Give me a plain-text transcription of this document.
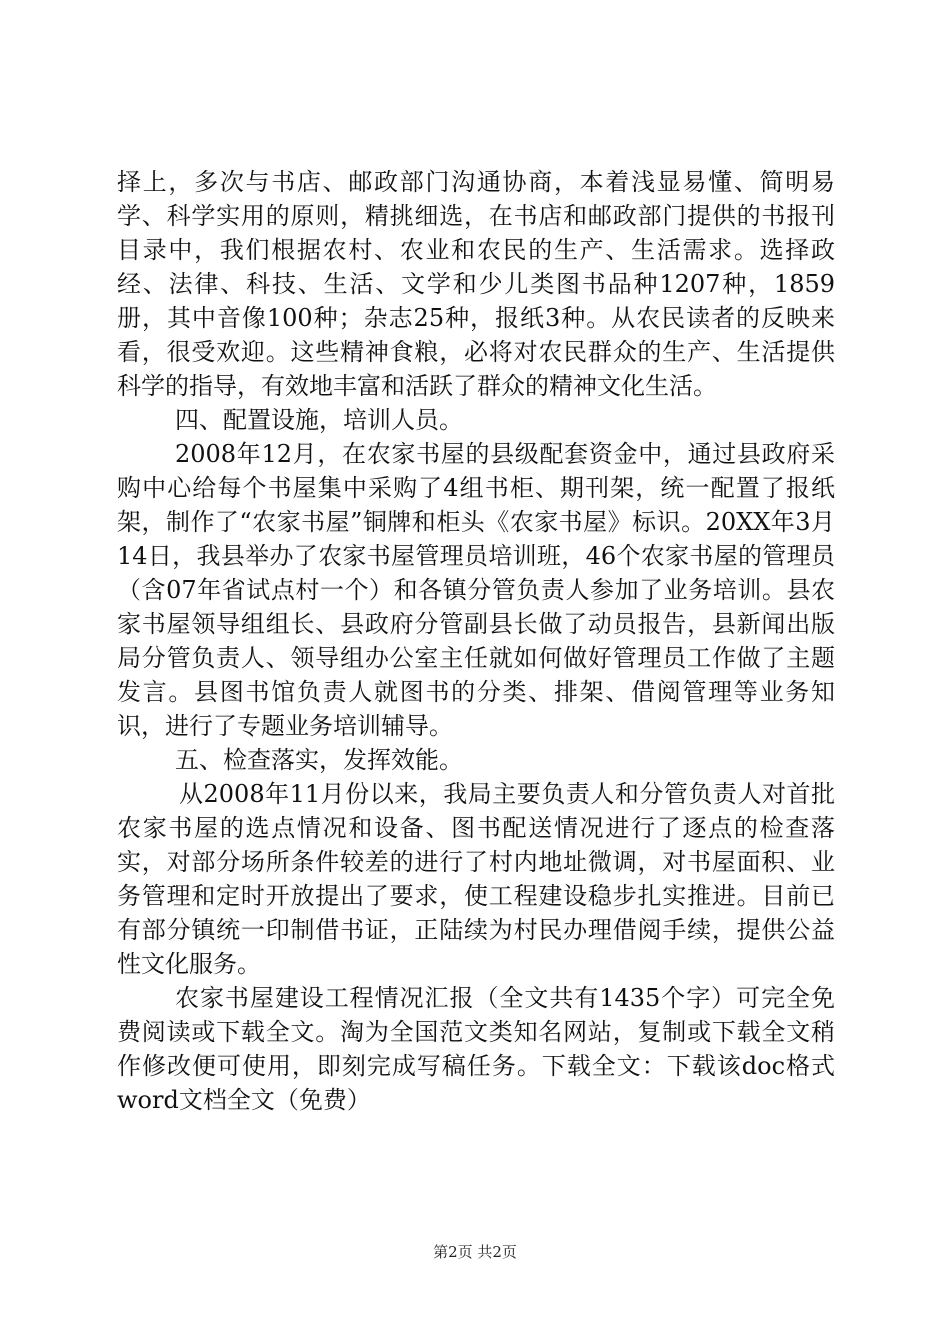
择上，多次与书店、邮政部门沟通协商，本着浅显易懂、简明易学、科学实用的原则，精挑细选，在书店和邮政部门提供的书报刊目录中，我们根据农村、农业和农民的生产、生活需求。选择政经、法律、科技、生活、文学和少儿类图书品种1207种，1859册，其中音像100种；杂志25种，报纸3种。从农民读者的反映来看，很受欢迎。这些精神食粮，必将对农民群众的生产、生活提供科学的指导，有效地丰富和活跃了群众的精神文化生活。

四、配置设施，培训人员。

2008年12月，在农家书屋的县级配套资金中，通过县政府采购中心给每个书屋集中采购了4组书柜、期刊架，统一配置了报纸架，制作了“农家书屋”铜牌和柜头《农家书屋》标识。20XX年3月14日，我县举办了农家书屋管理员培训班，46个农家书屋的管理员（含07年省试点村一个）和各镇分管负责人参加了业务培训。县农家书屋领导组组长、县政府分管副县长做了动员报告，县新闻出版局分管负责人、领导组办公室主任就如何做好管理员工作做了主题发言。县图书馆负责人就图书的分类、排架、借阅管理等业务知识，进行了专题业务培训辅导。

五、检查落实，发挥效能。

从2008年11月份以来，我局主要负责人和分管负责人对首批农家书屋的选点情况和设备、图书配送情况进行了逐点的检查落实，对部分场所条件较差的进行了村内地址微调，对书屋面积、业务管理和定时开放提出了要求，使工程建设稳步扎实推进。目前已有部分镇统一印制借书证，正陆续为村民办理借阅手续，提供公益性文化服务。

农家书屋建设工程情况汇报（全文共有1435个字）可完全免费阅读或下载全文。淘为全国范文类知名网站，复制或下载全文稍作修改便可使用，即刻完成写稿任务。下载全文：下载该doc格式word文档全文（免费）

第2页 共2页
